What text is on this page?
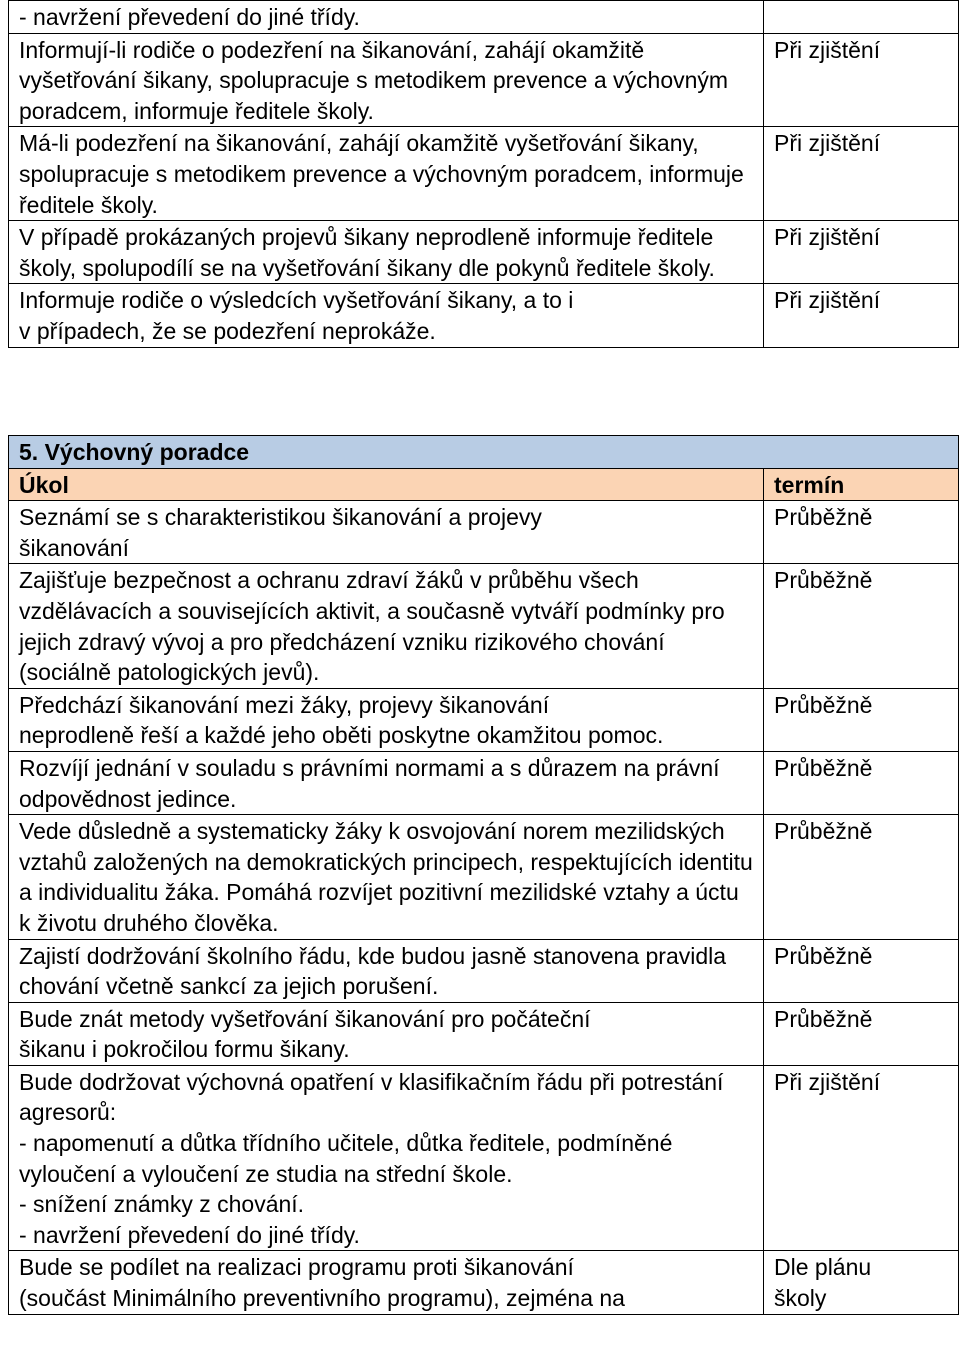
- navržení převedení do jiné třídy.	
Informují-li rodiče o podezření na šikanování, zahájí okamžitě vyšetřování šikany, spolupracuje s metodikem prevence a výchovným poradcem, informuje ředitele školy.	Při zjištění
Má-li podezření na šikanování, zahájí okamžitě vyšetřování šikany, spolupracuje s metodikem prevence a výchovným poradcem, informuje ředitele školy.	Při zjištění
V případě prokázaných projevů šikany neprodleně informuje ředitele školy, spolupodílí se na vyšetřování šikany dle pokynů ředitele školy.	Při zjištění
Informuje rodiče o výsledcích vyšetřování šikany, a to i
v případech, že se podezření neprokáže.	Při zjištění
5. Výchovný poradce	
Úkol	termín
Seznámí se s charakteristikou šikanování a projevy
šikanování	Průběžně
Zajišťuje bezpečnost a ochranu zdraví žáků v průběhu všech vzdělávacích a souvisejících aktivit, a současně vytváří podmínky pro jejich zdravý vývoj a pro předcházení vzniku rizikového chování (sociálně patologických jevů).	Průběžně
Předchází šikanování mezi žáky, projevy šikanování
neprodleně řeší a každé jeho oběti poskytne okamžitou pomoc.	Průběžně
Rozvíjí jednání v souladu s právními normami a s důrazem na právní odpovědnost jedince.	Průběžně
Vede důsledně a systematicky žáky k osvojování norem mezilidských vztahů založených na demokratických principech, respektujících identitu a individualitu žáka. Pomáhá rozvíjet pozitivní mezilidské vztahy a úctu k životu druhého člověka.	Průběžně
Zajistí dodržování školního řádu, kde budou jasně stanovena pravidla chování včetně sankcí za jejich porušení.	Průběžně
Bude znát metody vyšetřování šikanování pro počáteční
šikanu i pokročilou formu šikany.	Průběžně
Bude dodržovat výchovná opatření v klasifikačním řádu při potrestání agresorů:
- napomenutí a důtka třídního učitele, důtka ředitele, podmíněné vyloučení a vyloučení ze studia na střední škole.
- snížení známky z chování.
- navržení převedení do jiné třídy.	Při zjištění
Bude se podílet na realizaci programu proti šikanování
(součást Minimálního preventivního programu), zejména na	Dle plánu
školy
